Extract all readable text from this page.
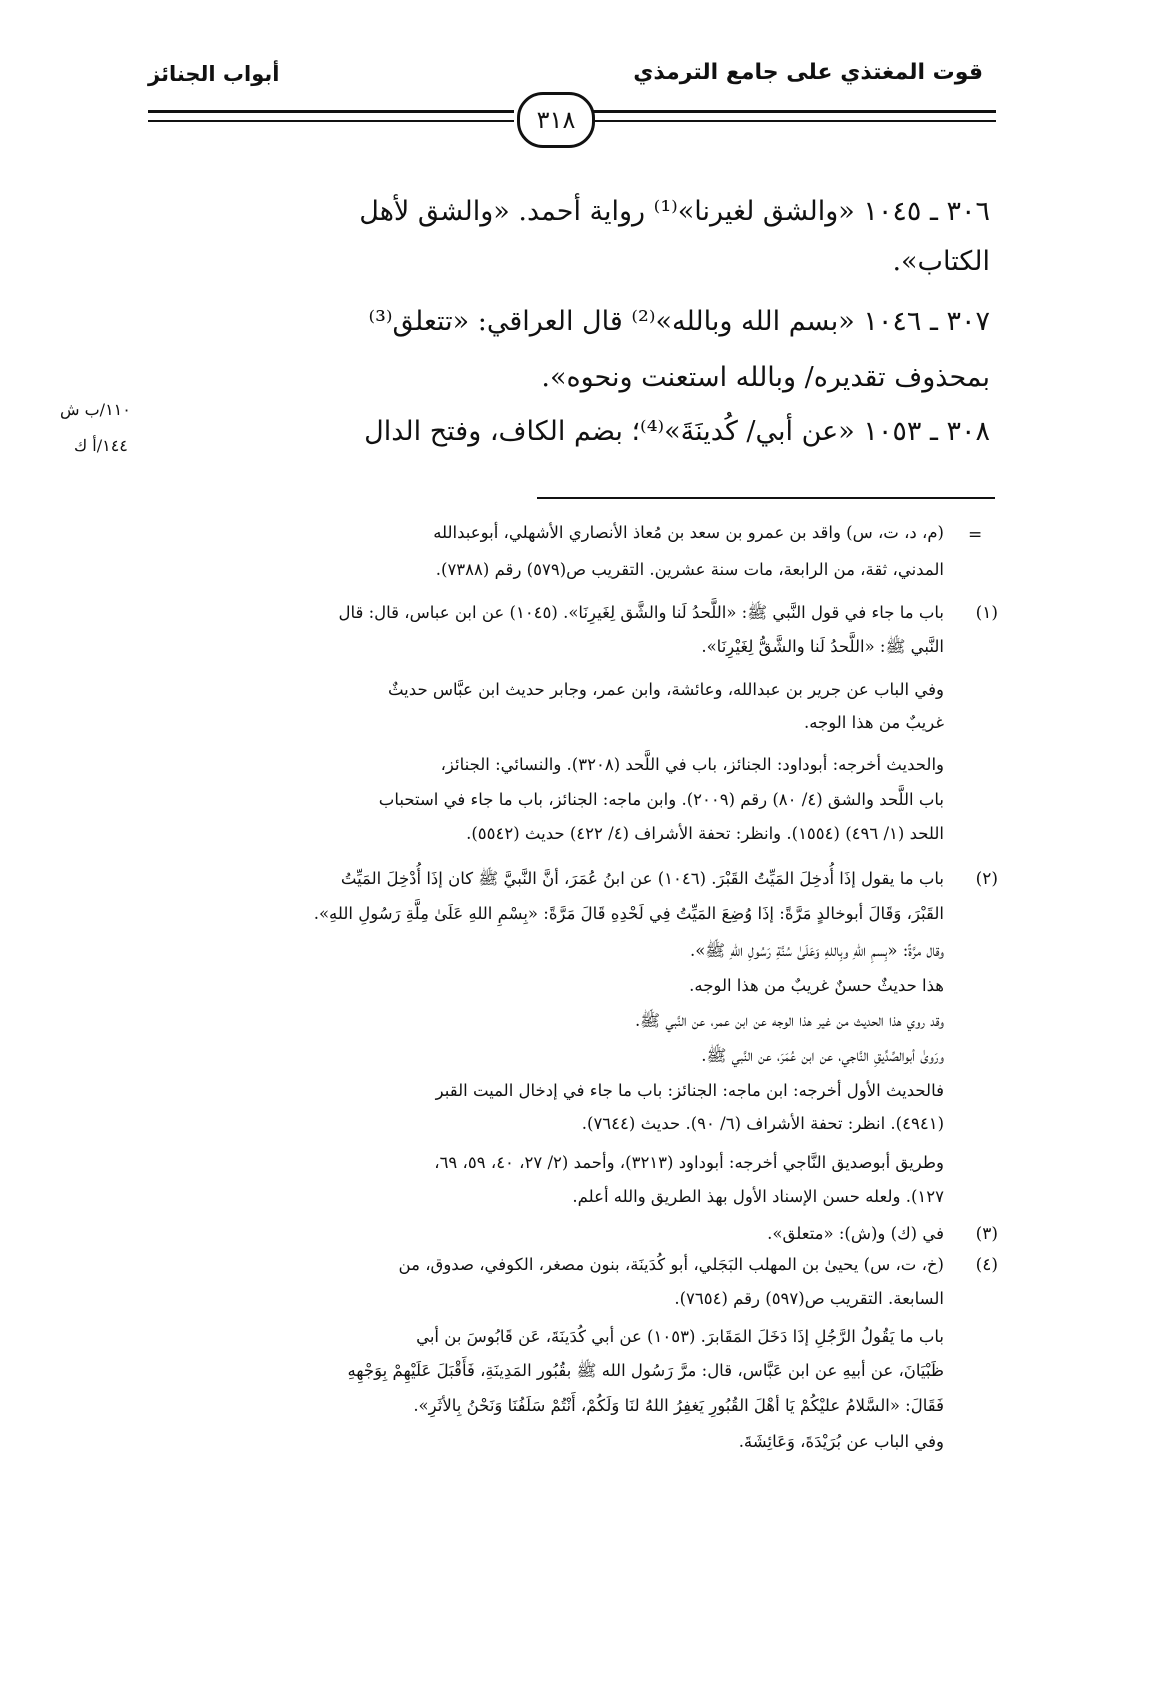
قوت المغتذي على جامع الترمذي
أبواب الجنائز
٣١٨
٣٠٦ ـ ١٠٤٥ «والشق لغيرنا»⁽¹⁾ رواية أحمد. «والشق لأهل
الكتاب».
٣٠٧ ـ ١٠٤٦ «بسم الله وبالله»⁽²⁾ قال العراقي: «تتعلق⁽³⁾
بمحذوف تقديره/ وبالله استعنت ونحوه».
٣٠٨ ـ ١٠٥٣ «عن أبي/ كُدينَةَ»⁽⁴⁾؛ بضم الكاف، وفتح الدال
١١٠/ب ش
١٤٤/أ ك
=
(١)
(٢)
(٣)
(٤)
(م، د، ت، س) واقد بن عمرو بن سعد بن مُعاذ الأنصاري الأشهلي، أبوعبدالله
المدني، ثقة، من الرابعة، مات سنة عشرين. التقريب ص(٥٧٩) رقم (٧٣٨٨).
باب ما جاء في قول النَّبي ﷺ: «اللَّحدُ لَنا والشَّق لِغَيرِنَا». (١٠٤٥) عن ابن عباس، قال: قال
النَّبي ﷺ: «اللَّحدُ لَنا والشَّقُّ لِغَيْرِنَا».
وفي الباب عن جرير بن عبدالله، وعائشة، وابن عمر، وجابر حديث ابن عبَّاس حديثٌ
غريبٌ من هذا الوجه.
والحديث أخرجه: أبوداود: الجنائز، باب في اللَّحد (٣٢٠٨). والنسائي: الجنائز،
باب اللَّحد والشق (٤/ ٨٠) رقم (٢٠٠٩). وابن ماجه: الجنائز، باب ما جاء في استحباب
اللحد (١/ ٤٩٦) (١٥٥٤). وانظر: تحفة الأشراف (٤/ ٤٢٢) حديث (٥٥٤٢).
باب ما يقول إذَا أُدخِلَ المَيِّتُ القَبْرَ. (١٠٤٦) عن ابنُ عُمَرَ، أنَّ النَّبيَّ ﷺ كان إذَا أُدْخِلَ المَيِّتُ
القَبْرَ، وَقَالَ أبوخالدٍ مَرَّةً: إذَا وُضِعَ المَيِّتُ فِي لَحْدِهِ قَالَ مَرَّةً: «بِسْمِ اللهِ عَلَىٰ مِلَّةِ رَسُولِ اللهِ».
وقال مرَّةً: «بِسمِ اللهِ وبِاللهِ وَعَلَىٰ سُنَّةِ رَسُولِ اللهِ ﷺ».
هذا حديثٌ حسنٌ غريبٌ من هذا الوجه.
وقد روي هذا الحديث من غير هذا الوجه عن ابن عمر، عن النَّبي ﷺ.
ورَوىٰ أبوالصِّدِّيقِ النَّاجي، عن ابن عُمَرَ، عن النَّبي ﷺ.
فالحديث الأول أخرجه: ابن ماجه: الجنائز: باب ما جاء في إدخال الميت القبر
(٤٩٤١). انظر: تحفة الأشراف (٦/ ٩٠). حديث (٧٦٤٤).
وطريق أبوصديق النَّاجي أخرجه: أبوداود (٣٢١٣)، وأحمد (٢/ ٢٧، ٤٠، ٥٩، ٦٩،
١٢٧). ولعله حسن الإسناد الأول بهذ الطريق والله أعلم.
في (ك) و(ش): «متعلق».
(خ، ت، س) يحيىٰ بن المهلب البَجَلي، أبو كُدَينَة، بنون مصغر، الكوفي، صدوق، من
السابعة. التقريب ص(٥٩٧) رقم (٧٦٥٤).
باب ما يَقُولُ الرَّجُلِ إذَا دَخَلَ المَقَابرَ. (١٠٥٣) عن أبي كُدَينَةَ، عَن قَابُوسَ بن أبي
ظَبْيَانَ، عن أبيهِ عن ابن عَبَّاس، قال: مرَّ رَسُول الله ﷺ بقُبُور المَدِينَةِ، فَأَقْبَلَ عَلَيْهِمْ بِوَجْهِهِ
فَقَالَ: «السَّلامُ عليْكُمْ يَا أهْلَ القُبُورِ يَغفِرُ اللهُ لنَا وَلَكُمْ، أَنْتُمْ سَلَفُنَا وَنَحْنُ بِالأثَرِ».
وفي الباب عن بُرَيْدَةَ، وَعَائِشَةَ.
